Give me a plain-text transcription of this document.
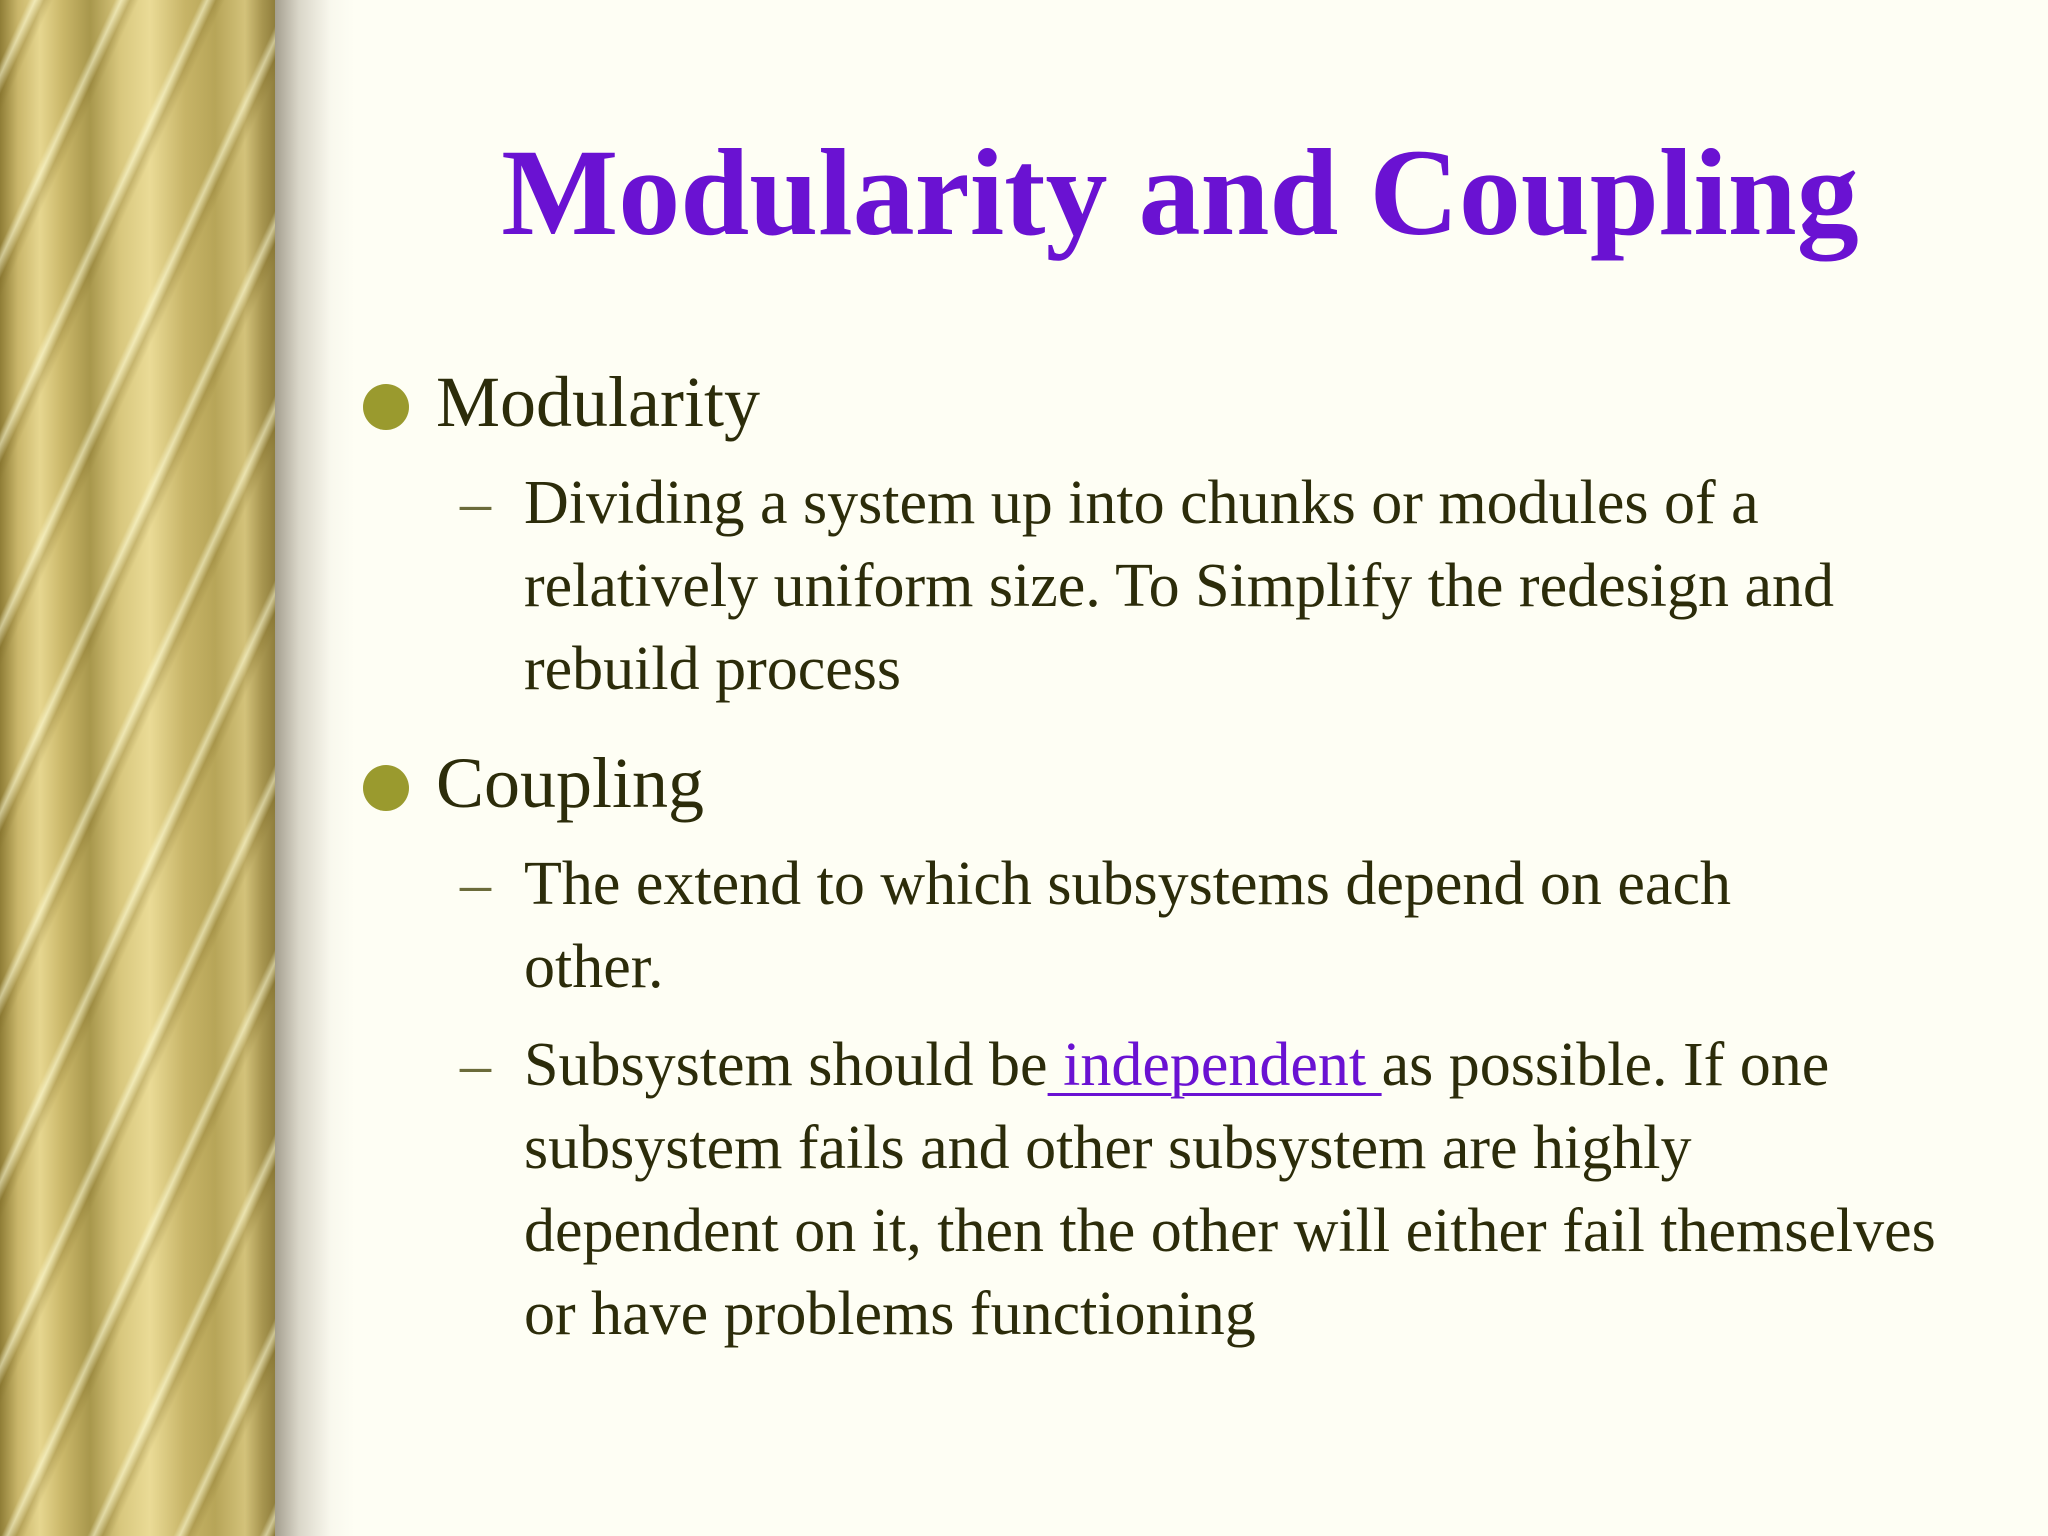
Modularity and Coupling
Modularity
– Dividing a system up into chunks or modules of a relatively uniform size. To Simplify the redesign and rebuild process
Coupling
– The extend to which subsystems depend on each other.
– Subsystem should be independent as possible. If one subsystem fails and other subsystem are highly dependent on it, then the other will either fail themselves or have problems functioning
